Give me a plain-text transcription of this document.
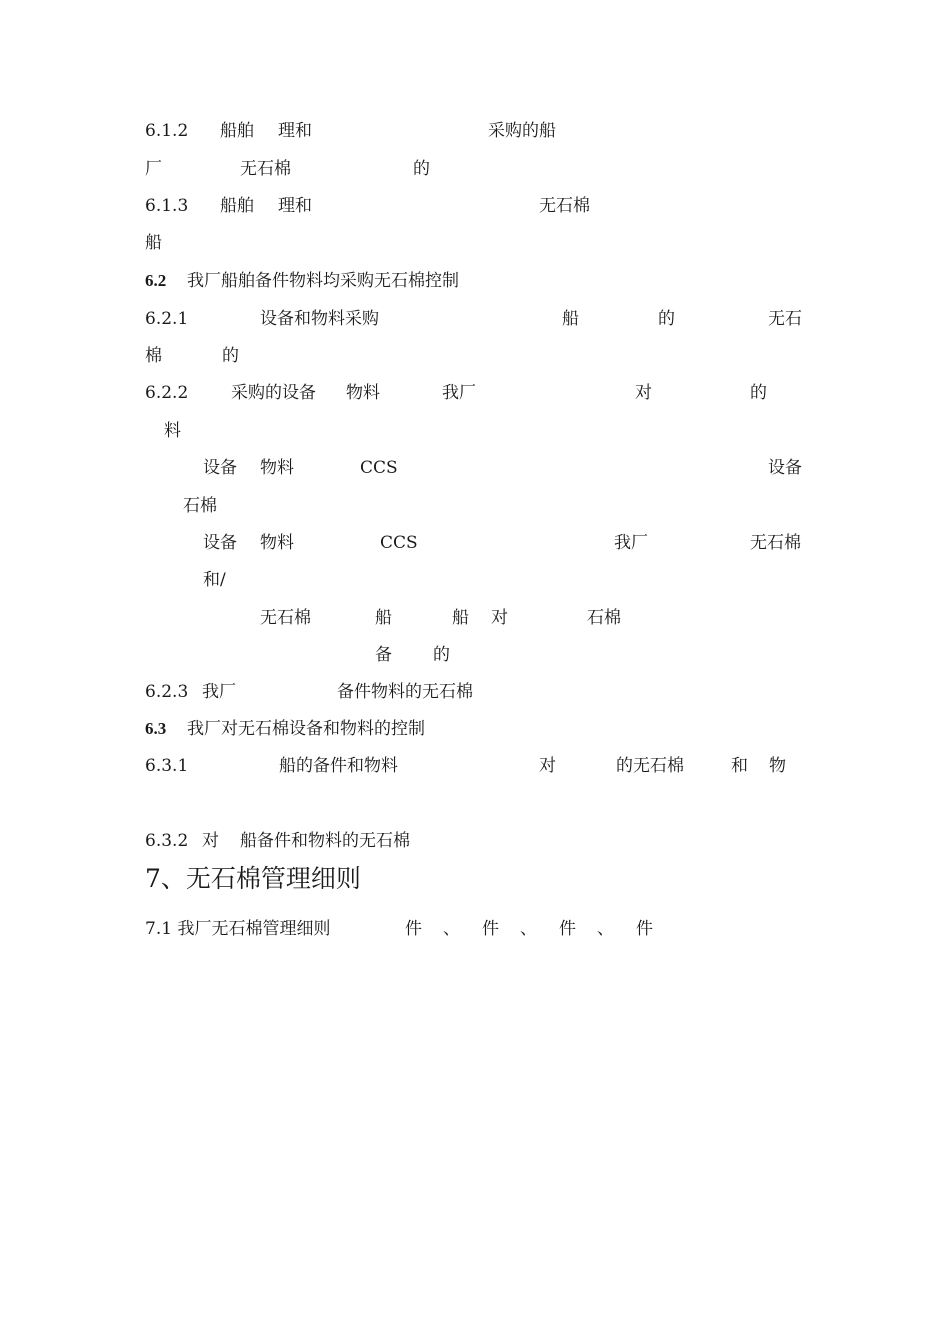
6.1.2 船舶 理和	采购的船
厂	无石棉	的
6.1.3 船舶 理和	无石棉
船
6.2 我厂船舶备件物料均采购无石棉控制
6.2.1	设备和物料采购	船	的	无石
棉	的
6.2.2	采购的设备 物料	我厂	对	的
料
设备 物料	CCS	设备
石棉
设备 物料	CCS	我厂	无石棉
和/
无石棉	船	船 对	石棉
备 的
6.2.3 我厂	备件物料的无石棉
6.3 我厂对无石棉设备和物料的控制
6.3.1	船的备件和物料	对	的无石棉	和 物
6.3.2 对 船备件和物料的无石棉
7、无石棉管理细则
7.1 我厂无石棉管理细则	件 、 件 、 件 、 件
